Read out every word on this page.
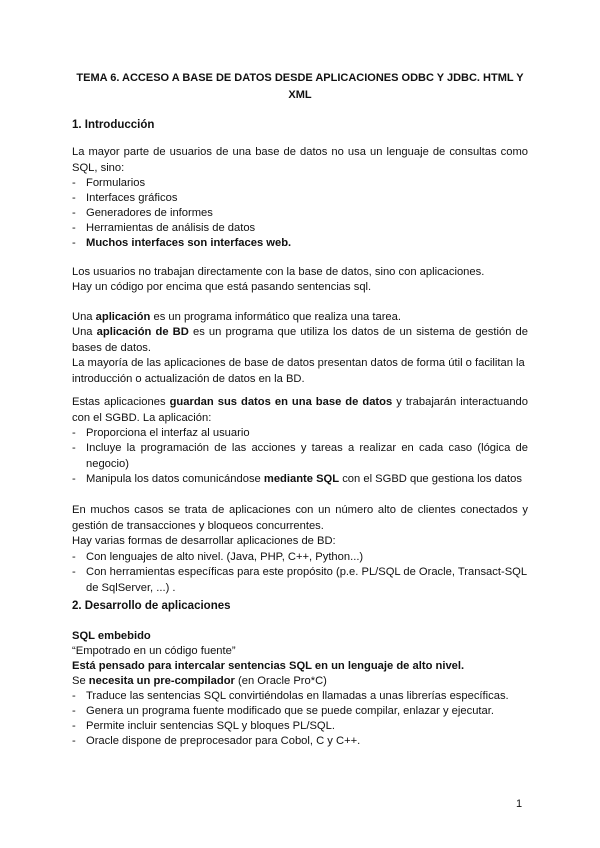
TEMA 6. ACCESO A BASE DE DATOS DESDE APLICACIONES ODBC Y JDBC. HTML Y XML
1. Introducción
La mayor parte de usuarios de una base de datos no usa un lenguaje de consultas como SQL, sino:
- Formularios
- Interfaces gráficos
- Generadores de informes
- Herramientas de análisis de datos
- Muchos interfaces son interfaces web.
Los usuarios no trabajan directamente con la base de datos, sino con aplicaciones.
Hay un código por encima que está pasando sentencias sql.
Una aplicación es un programa informático que realiza una tarea.
Una aplicación de BD es un programa que utiliza los datos de un sistema de gestión de bases de datos.
La mayoría de las aplicaciones de base de datos presentan datos de forma útil o facilitan la introducción o actualización de datos en la BD.
Estas aplicaciones guardan sus datos en una base de datos y trabajarán interactuando con el SGBD. La aplicación:
- Proporciona el interfaz al usuario
- Incluye la programación de las acciones y tareas a realizar en cada caso (lógica de negocio)
- Manipula los datos comunicándose mediante SQL con el SGBD que gestiona los datos
En muchos casos se trata de aplicaciones con un número alto de clientes conectados y gestión de transacciones y bloqueos concurrentes.
Hay varias formas de desarrollar aplicaciones de BD:
- Con lenguajes de alto nivel. (Java, PHP, C++, Python...)
- Con herramientas específicas para este propósito (p.e. PL/SQL de Oracle, Transact-SQL de SqlServer, ...) .
2. Desarrollo de aplicaciones
SQL embebido
“Empotrado en un código fuente”
Está pensado para intercalar sentencias SQL en un lenguaje de alto nivel.
Se necesita un pre-compilador (en Oracle Pro*C)
- Traduce las sentencias SQL convirtiéndolas en llamadas a unas librerías específicas.
- Genera un programa fuente modificado que se puede compilar, enlazar y ejecutar.
- Permite incluir sentencias SQL y bloques PL/SQL.
- Oracle dispone de preprocesador para Cobol, C y C++.
1
